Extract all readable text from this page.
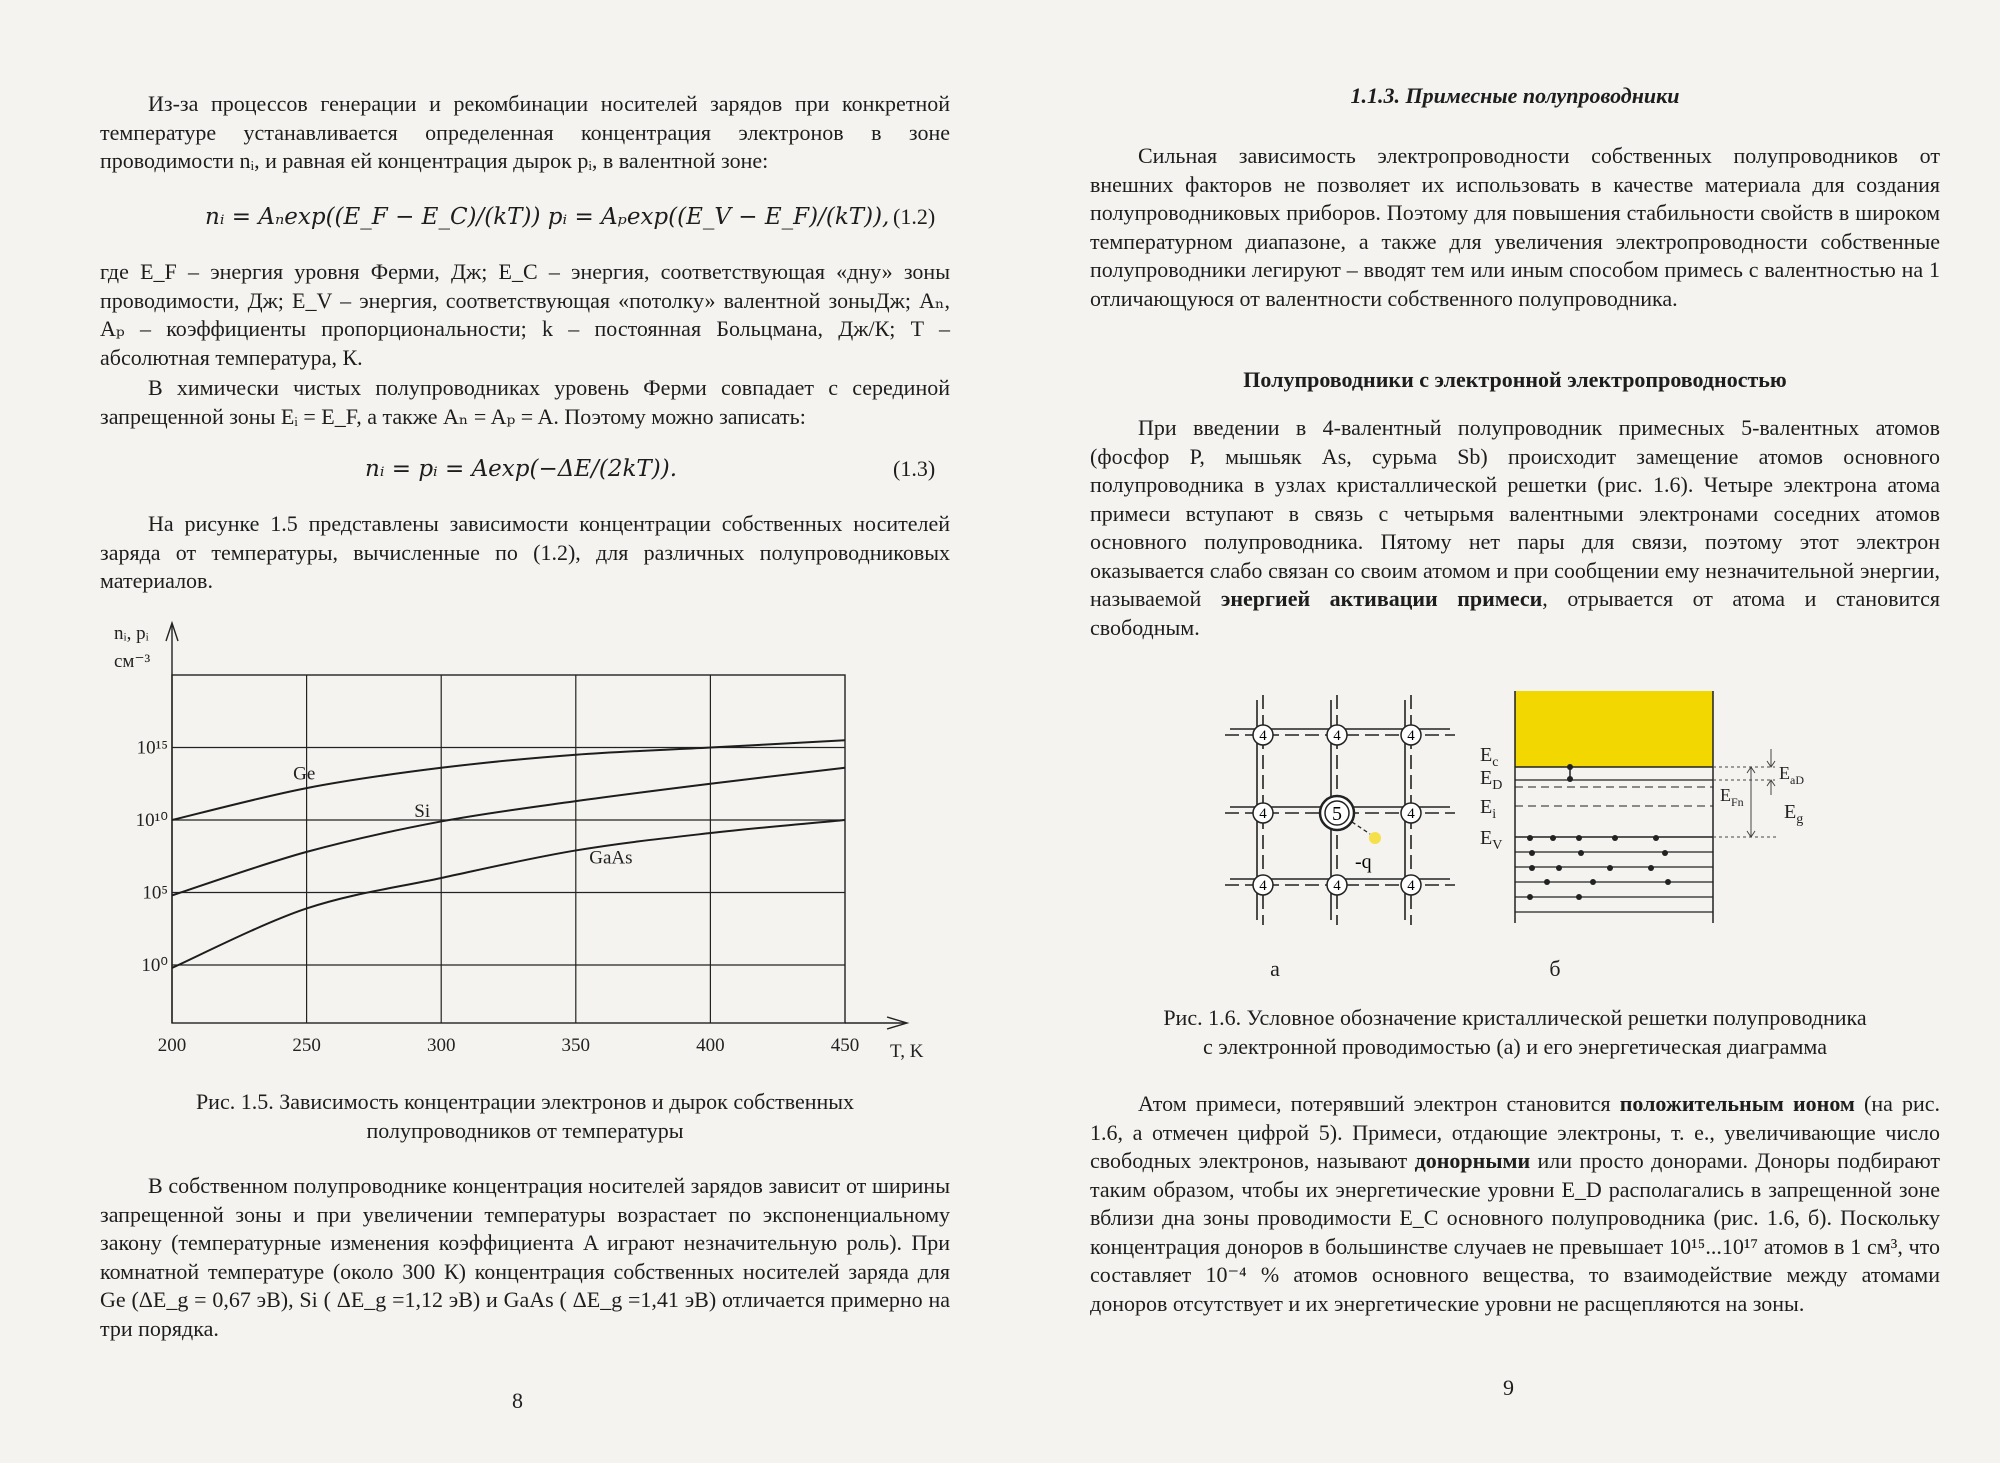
Из-за процессов генерации и рекомбинации носителей зарядов при конкретной температуре устанавливается определенная концентрация электронов в зоне проводимости nᵢ, и равная ей концентрация дырок pᵢ, в валентной зоне:
nᵢ = Aₙexp((E_F − E_C)/(kT)) pᵢ = Aₚexp((E_V − E_F)/(kT)), (1.2)
где E_F – энергия уровня Ферми, Дж; E_C – энергия, соответствующая «дну» зоны проводимости, Дж; E_V – энергия, соответствующая «потолку» валентной зоныДж; Aₙ, Aₚ – коэффициенты пропорциональности; k – постоянная Больцмана, Дж/К; T – абсолютная температура, К.
В химически чистых полупроводниках уровень Ферми совпадает с серединой запрещенной зоны Eᵢ = E_F, а также Aₙ = Aₚ = A. Поэтому можно записать:
nᵢ = pᵢ = Aexp(−ΔE/(2kT)).	(1.3)
На рисунке 1.5 представлены зависимости концентрации собственных носителей заряда от температуры, вычисленные по (1.2), для различных полупроводниковых материалов.
200	250	300	350	400	450
10¹⁵
10¹⁰
10⁵
10⁰
nᵢ, pᵢ
см⁻³
T, K
Ge
Si
GaAs
Рис. 1.5. Зависимость концентрации электронов и дырок собственных
полупроводников от температуры
В собственном полупроводнике концентрация носителей зарядов зависит от ширины запрещенной зоны и при увеличении температуры возрастает по экспоненциальному закону (температурные изменения коэффициента A играют незначительную роль). При комнатной температуре (около 300 К) концентрация собственных носителей заряда для Ge (ΔE_g = 0,67 эВ), Si ( ΔE_g =1,12 эВ) и GaAs ( ΔE_g =1,41 эВ) отличается примерно на три порядка.
8
1.1.3. Примесные полупроводники
Сильная зависимость электропроводности собственных полупроводников от внешних факторов не позволяет их использовать в качестве материала для создания полупроводниковых приборов. Поэтому для повышения стабильности свойств в широком температурном диапазоне, а также для увеличения электропроводности собственные полупроводники легируют – вводят тем или иным способом примесь с валентностью на 1 отличающуюся от валентности собственного полупроводника.
Полупроводники с электронной электропроводностью
При введении в 4-валентный полупроводник примесных 5-валентных атомов (фосфор P, мышьяк As, сурьма Sb) происходит замещение атомов основного полупроводника в узлах кристаллической решетки (рис. 1.6). Четыре электрона атома примеси вступают в связь с четырьмя валентными электронами соседних атомов основного полупроводника. Пятому нет пары для связи, поэтому этот электрон оказывается слабо связан со своим атомом и при сообщении ему незначительной энергии, называемой энергией активации примеси, отрывается от атома и становится свободным.
4	4	4
4	5	4
4	4	4
-q
$E_c$
$E_D$
$E_i$
$E_V$
$E_{Fn}$
$E_{aD}$
$E_g$
а	б
Рис. 1.6. Условное обозначение кристаллической решетки полупроводника
с электронной проводимостью (а) и его энергетическая диаграмма
Атом примеси, потерявший электрон становится положительным ионом (на рис. 1.6, а отмечен цифрой 5). Примеси, отдающие электроны, т. е., увеличивающие число свободных электронов, называют донорными или просто донорами. Доноры подбирают таким образом, чтобы их энергетические уровни E_D располагались в запрещенной зоне вблизи дна зоны проводимости E_C основного полупроводника (рис. 1.6, б). Поскольку концентрация доноров в большинстве случаев не превышает 10¹⁵...10¹⁷ атомов в 1 см³, что составляет 10⁻⁴ % атомов основного вещества, то взаимодействие между атомами доноров отсутствует и их энергетические уровни не расщепляются на зоны.
9
